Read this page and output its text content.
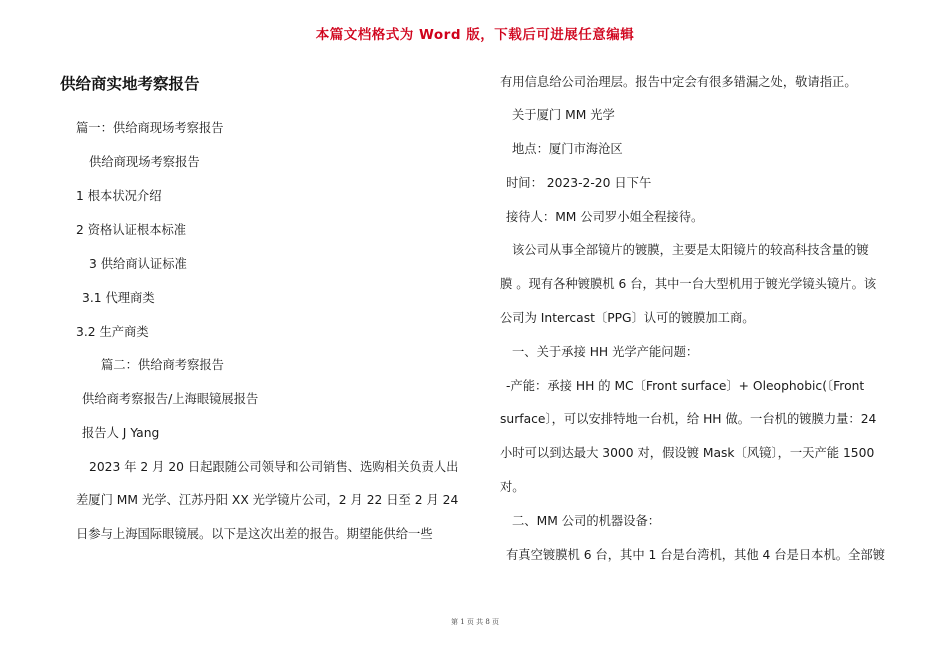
本篇文档格式为 Word 版，下载后可进展任意编辑
供给商实地考察报告
篇一：供给商现场考察报告
供给商现场考察报告
1 根本状况介绍
2 资格认证根本标准
3 供给商认证标准
3.1 代理商类
3.2 生产商类
篇二：供给商考察报告
供给商考察报告/上海眼镜展报告
报告人 J Yang
2023 年 2 月 20 日起跟随公司领导和公司销售、选购相关负责人出
差厦门 MM 光学、江苏丹阳 XX 光学镜片公司，2 月 22 日至 2 月 24
日参与上海国际眼镜展。以下是这次出差的报告。期望能供给一些
有用信息给公司治理层。报告中定会有很多错漏之处，敬请指正。
关于厦门 MM 光学
地点：厦门市海沧区
时间： 2023-2-20 日下午
接待人：MM 公司罗小姐全程接待。
该公司从事全部镜片的镀膜，主要是太阳镜片的较高科技含量的镀
膜 。现有各种镀膜机 6 台，其中一台大型机用于镀光学镜头镜片。该
公司为 Intercast〔PPG〕认可的镀膜加工商。
一、关于承接 HH 光学产能问题：
-产能：承接 HH 的 MC〔Front surface〕+ Oleophobic(〔Front
surface〕，可以安排特地一台机，给 HH 做。一台机的镀膜力量：24
小时可以到达最大 3000 对，假设镀 Mask〔风镜〕，一天产能 1500
对。
二、MM 公司的机器设备：
有真空镀膜机 6 台，其中 1 台是台湾机，其他 4 台是日本机。全部镀
第 1 页 共 8 页
